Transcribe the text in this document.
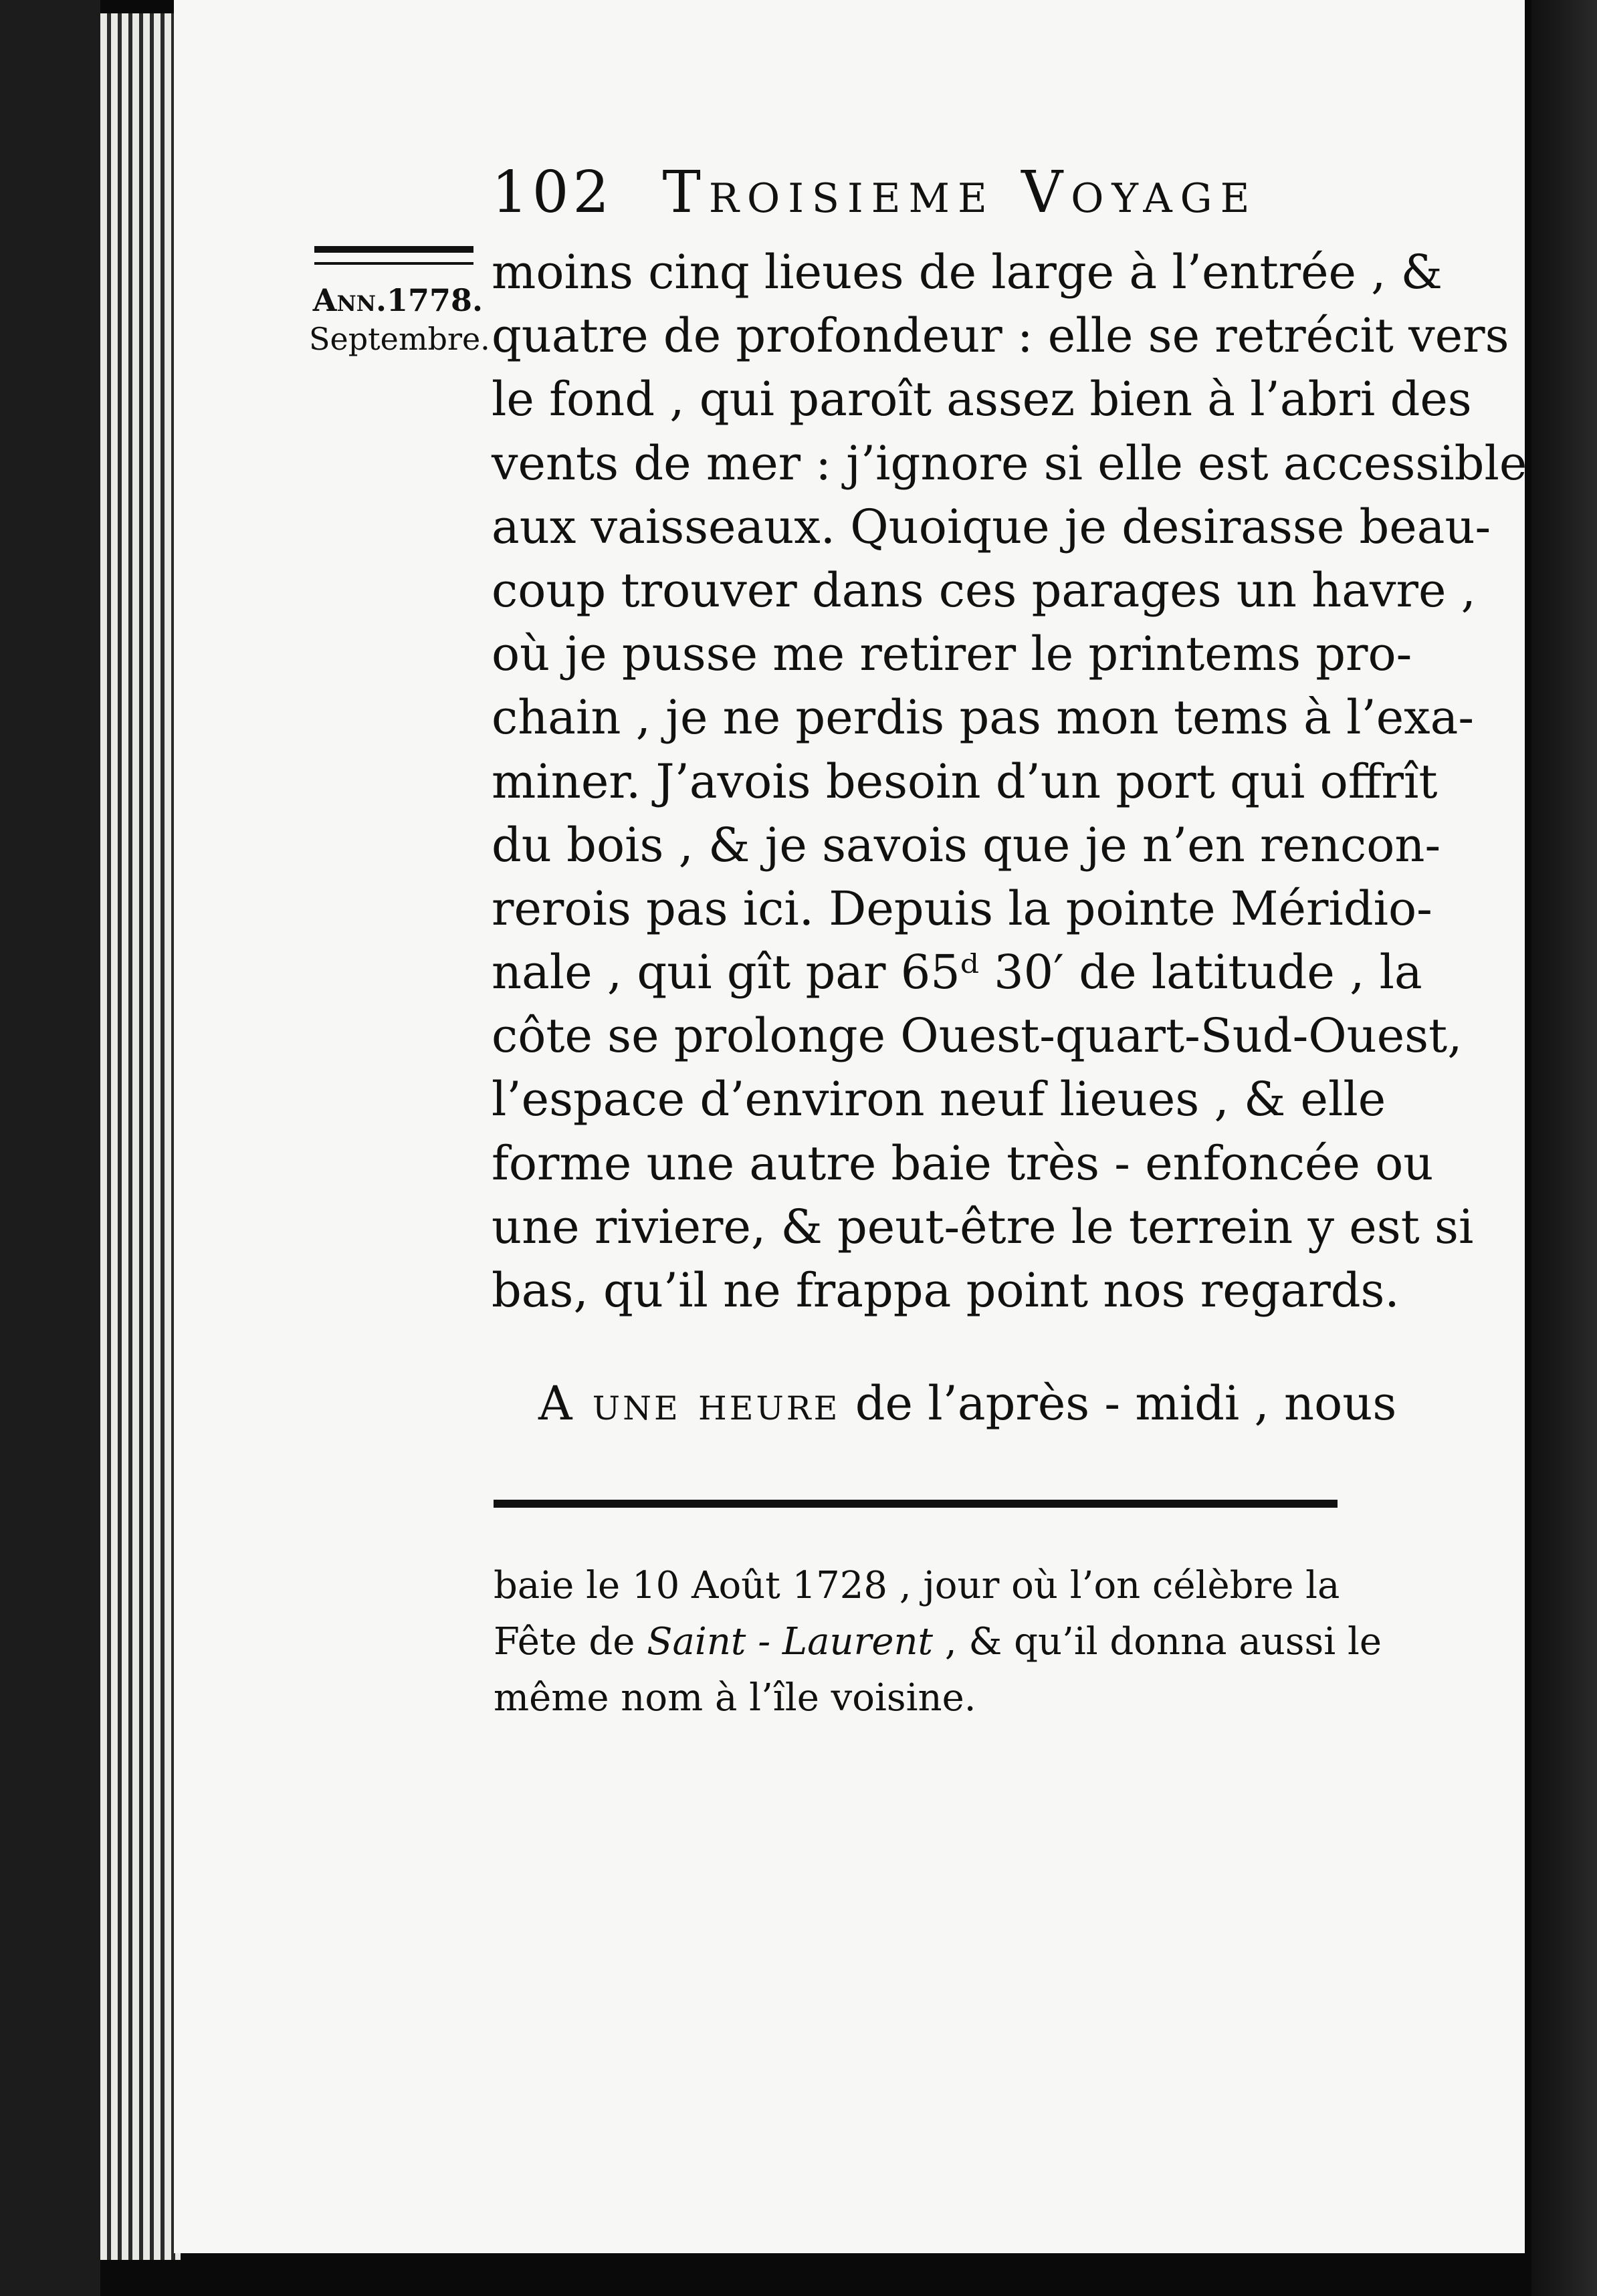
102 Troisieme Voyage
Ann.1778.
Septembre.
moins cinq lieues de large à l’entrée , &
quatre de profondeur : elle se retrécit vers
le fond , qui paroît assez bien à l’abri des
vents de mer : j’ignore si elle est accessible
aux vaisseaux. Quoique je desirasse beau-
coup trouver dans ces parages un havre ,
où je pusse me retirer le printems pro-
chain , je ne perdis pas mon tems à l’exa-
miner. J’avois besoin d’un port qui offrît
du bois , & je savois que je n’en rencon-
rerois pas ici. Depuis la pointe Méridio-
nale , qui gît par 65ᵈ 30′ de latitude , la
côte se prolonge Ouest-quart-Sud-Ouest,
l’espace d’environ neuf lieues , & elle
forme une autre baie très - enfoncée ou
une riviere, & peut-être le terrein y est si
bas, qu’il ne frappa point nos regards.
A une heure de l’après - midi , nous
baie le 10 Août 1728 , jour où l’on célèbre la
Fête de Saint - Laurent , & qu’il donna aussi le
même nom à l’île voisine.
